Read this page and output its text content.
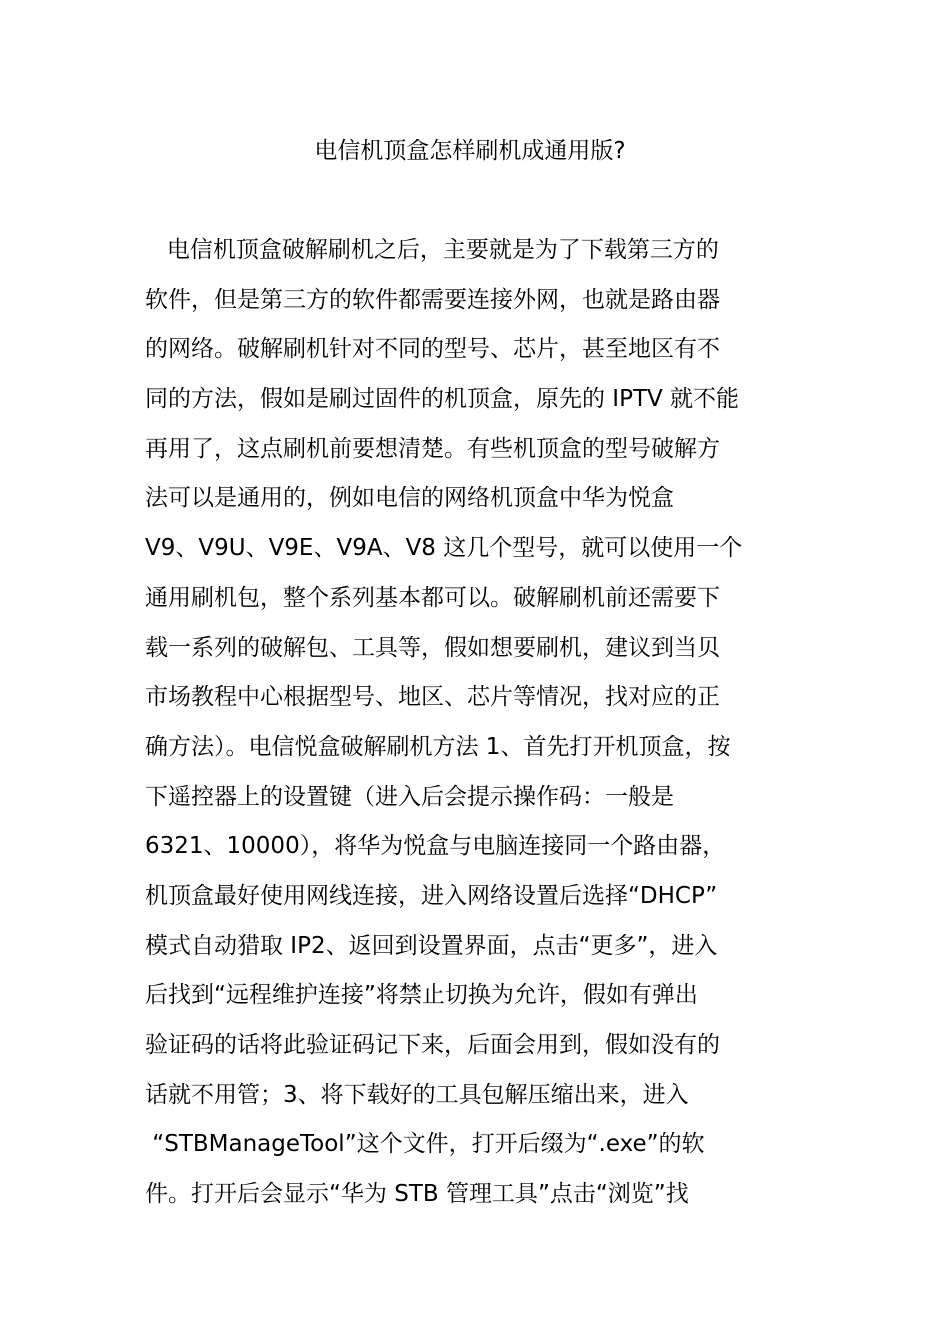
电信机顶盒怎样刷机成通用版?
电信机顶盒破解刷机之后，主要就是为了下载第三方的
软件，但是第三方的软件都需要连接外网，也就是路由器
的网络。破解刷机针对不同的型号、芯片，甚至地区有不
同的方法，假如是刷过固件的机顶盒，原先的 IPTV 就不能
再用了，这点刷机前要想清楚。有些机顶盒的型号破解方
法可以是通用的，例如电信的网络机顶盒中华为悦盒
V9、V9U、V9E、V9A、V8 这几个型号，就可以使用一个
通用刷机包，整个系列基本都可以。破解刷机前还需要下
载一系列的破解包、工具等，假如想要刷机，建议到当贝
市场教程中心根据型号、地区、芯片等情况，找对应的正
确方法）。电信悦盒破解刷机方法 1、首先打开机顶盒，按
下遥控器上的设置键（进入后会提示操作码：一般是
6321、10000），将华为悦盒与电脑连接同一个路由器，
机顶盒最好使用网线连接，进入网络设置后选择“DHCP”
模式自动猎取 IP2、返回到设置界面，点击“更多”，进入
后找到“远程维护连接”将禁止切换为允许，假如有弹出
验证码的话将此验证码记下来，后面会用到，假如没有的
话就不用管；3、将下载好的工具包解压缩出来，进入
“STBManageTool”这个文件，打开后缀为“.exe”的软
件。打开后会显示“华为 STB 管理工具”点击“浏览”找
